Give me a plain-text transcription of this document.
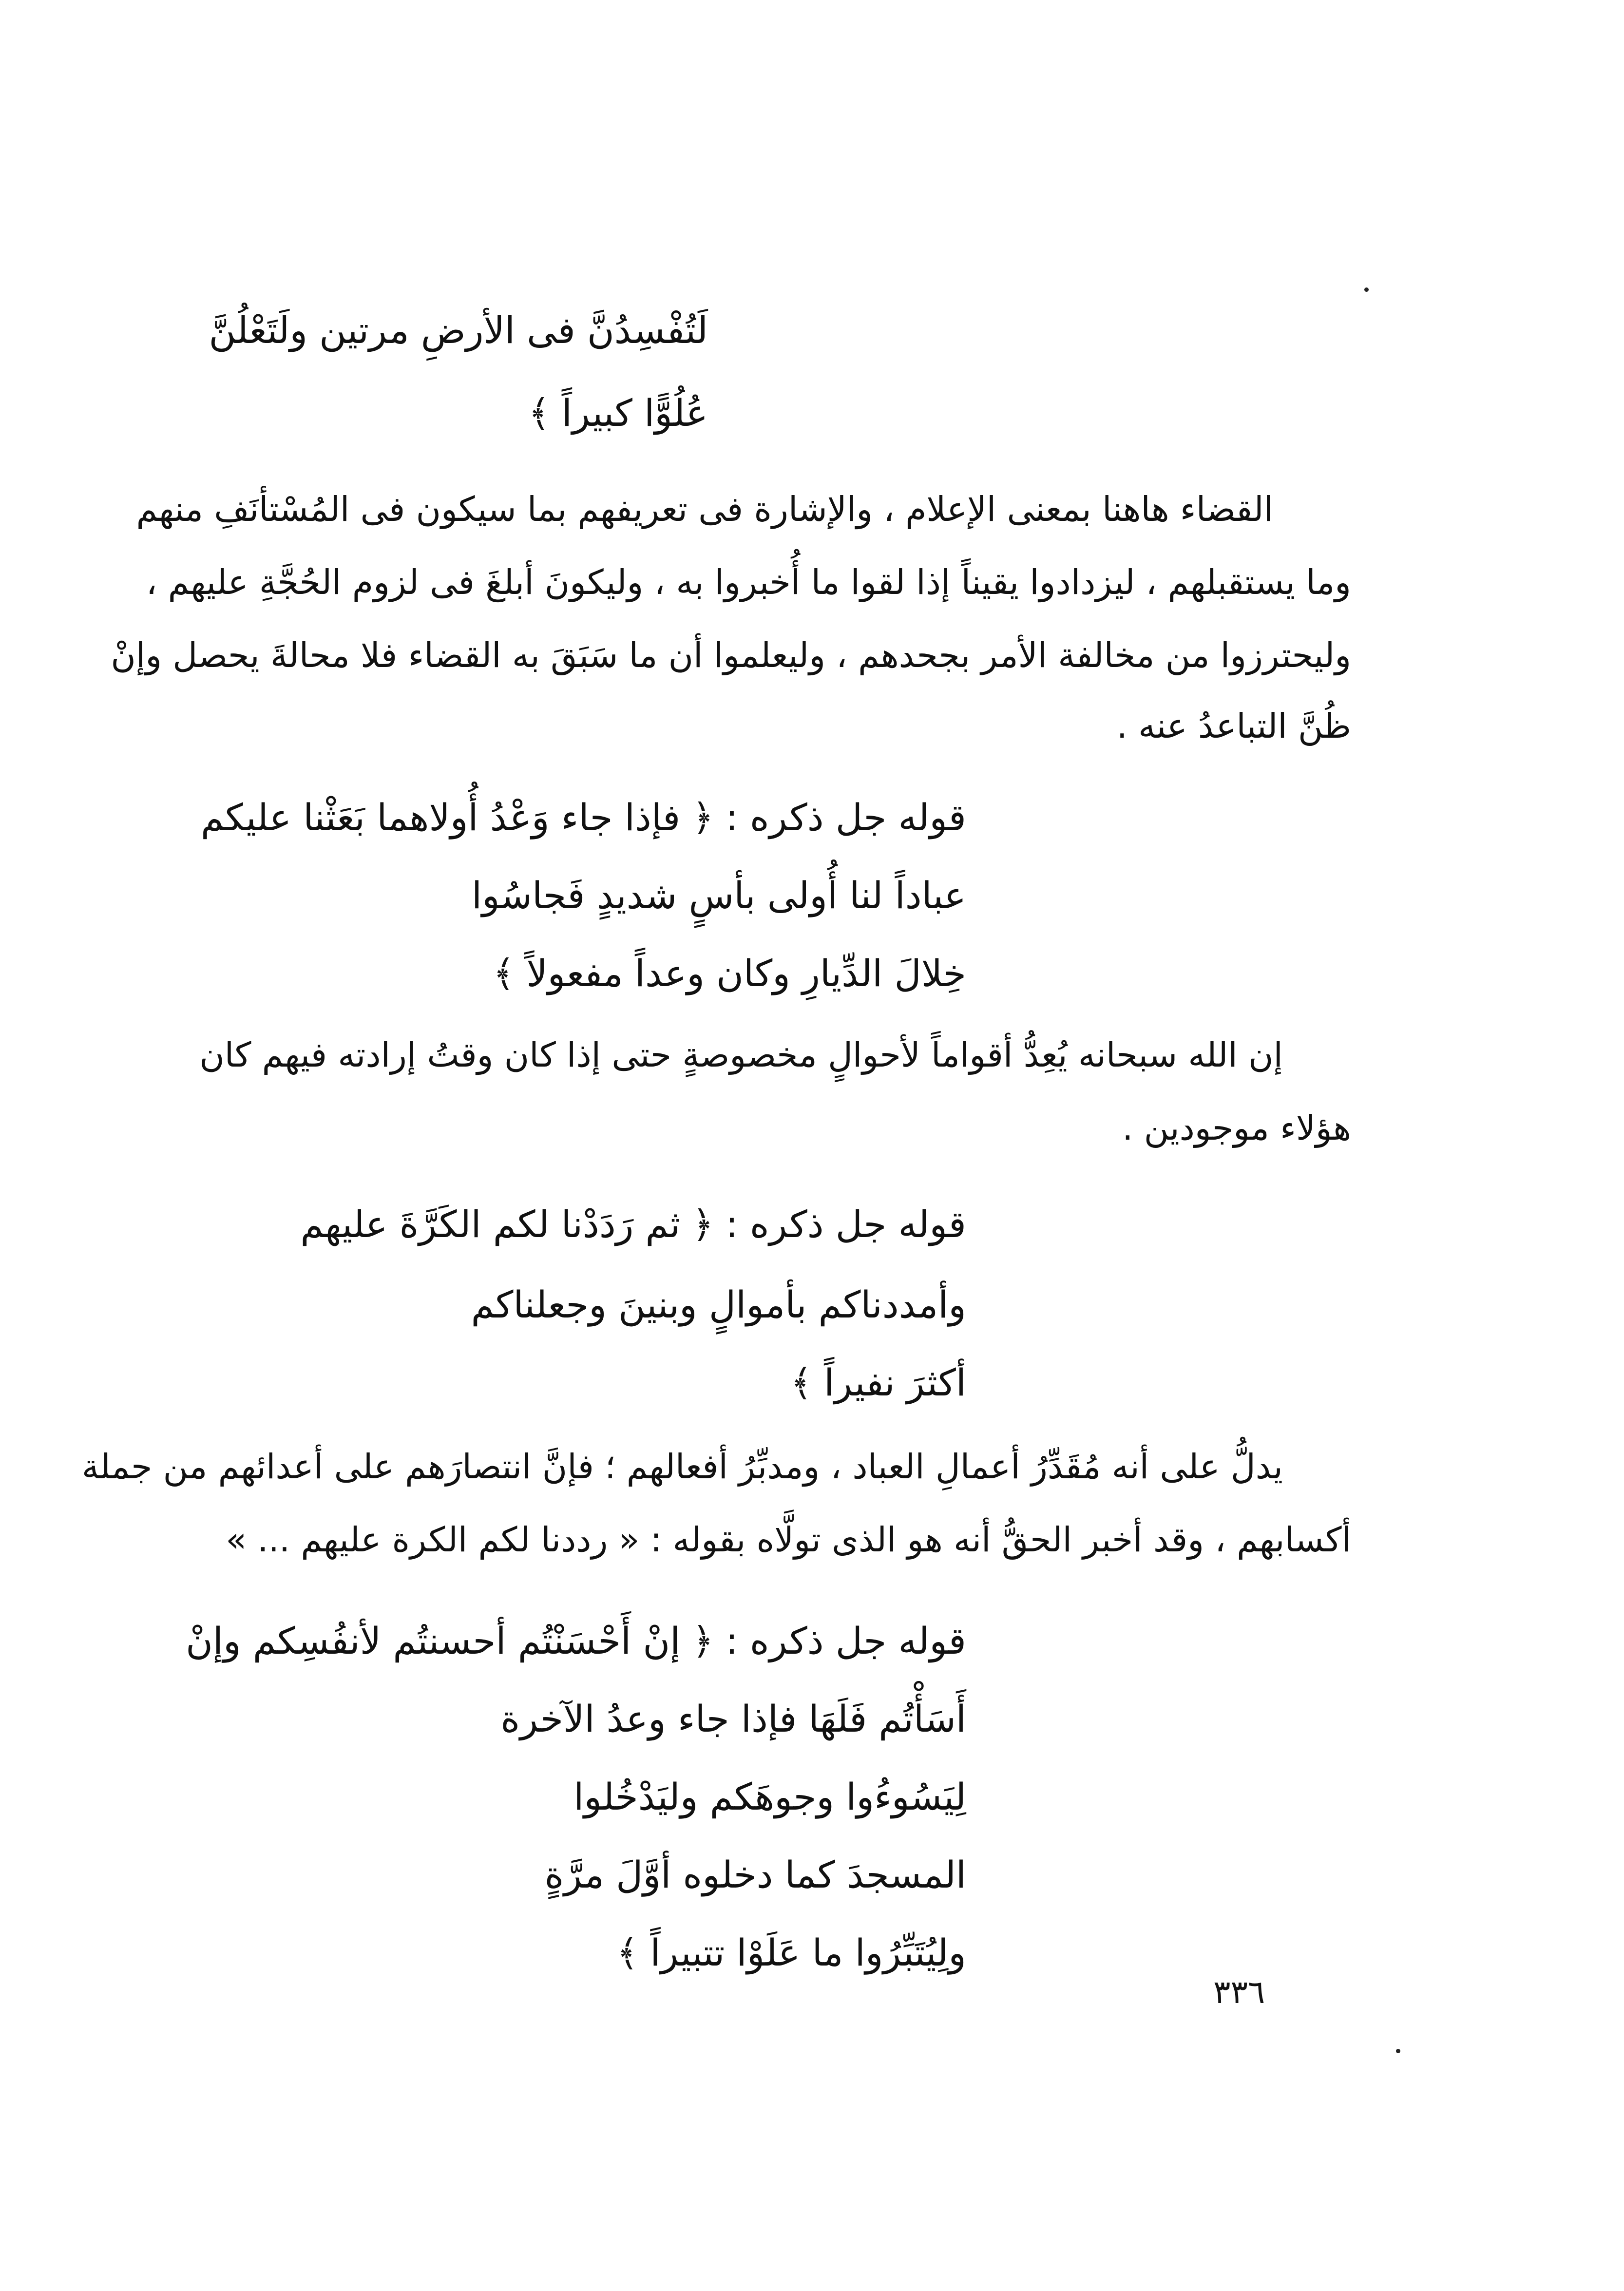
لَتُفْسِدُنَّ فى الأرضِ مرتين ولَتَعْلُنَّ
عُلُوًّا كبيراً ﴾
القضاء هاهنا بمعنى الإعلام ، والإشارة فى تعريفهم بما سيكون فى المُسْتأنَفِ منهم
وما يستقبلهم ، ليزدادوا يقيناً إذا لقوا ما أُخبروا به ، وليكونَ أبلغَ فى لزوم الحُجَّةِ عليهم ،
وليحترزوا من مخالفة الأمر بجحدهم ، وليعلموا أن ما سَبَقَ به القضاء فلا محالةَ يحصل وإنْ
ظُنَّ التباعدُ عنه .
قوله جل ذكره : ﴿ فإذا جاء وَعْدُ أُولاهما بَعَثْنا عليكم
عباداً لنا أُولى بأسٍ شديدٍ فَجاسُوا
خِلالَ الدِّيارِ وكان وعداً مفعولاً ﴾
إن الله سبحانه يُعِدُّ أقواماً لأحوالٍ مخصوصةٍ حتى إذا كان وقتُ إرادته فيهم كان
هؤلاء موجودين .
قوله جل ذكره : ﴿ ثم رَدَدْنا لكم الكَرَّةَ عليهم
وأمددناكم بأموالٍ وبنينَ وجعلناكم
أكثرَ نفيراً ﴾
يدلُّ على أنه مُقَدِّرُ أعمالِ العباد ، ومدبِّرُ أفعالهم ؛ فإنَّ انتصارَهم على أعدائهم من جملة
أكسابهم ، وقد أخبر الحقُّ أنه هو الذى تولَّاه بقوله : « رددنا لكم الكرة عليهم ... »
قوله جل ذكره : ﴿ إنْ أَحْسَنْتُم أحسنتُم لأنفُسِكم وإنْ
أَسَأْتُم فَلَهَا فإذا جاء وعدُ الآخرة
لِيَسُوءُوا وجوهَكم وليَدْخُلوا
المسجدَ كما دخلوه أوَّلَ مرَّةٍ
ولِيُتَبِّرُوا ما عَلَوْا تتبيراً ﴾
٣٣٦
